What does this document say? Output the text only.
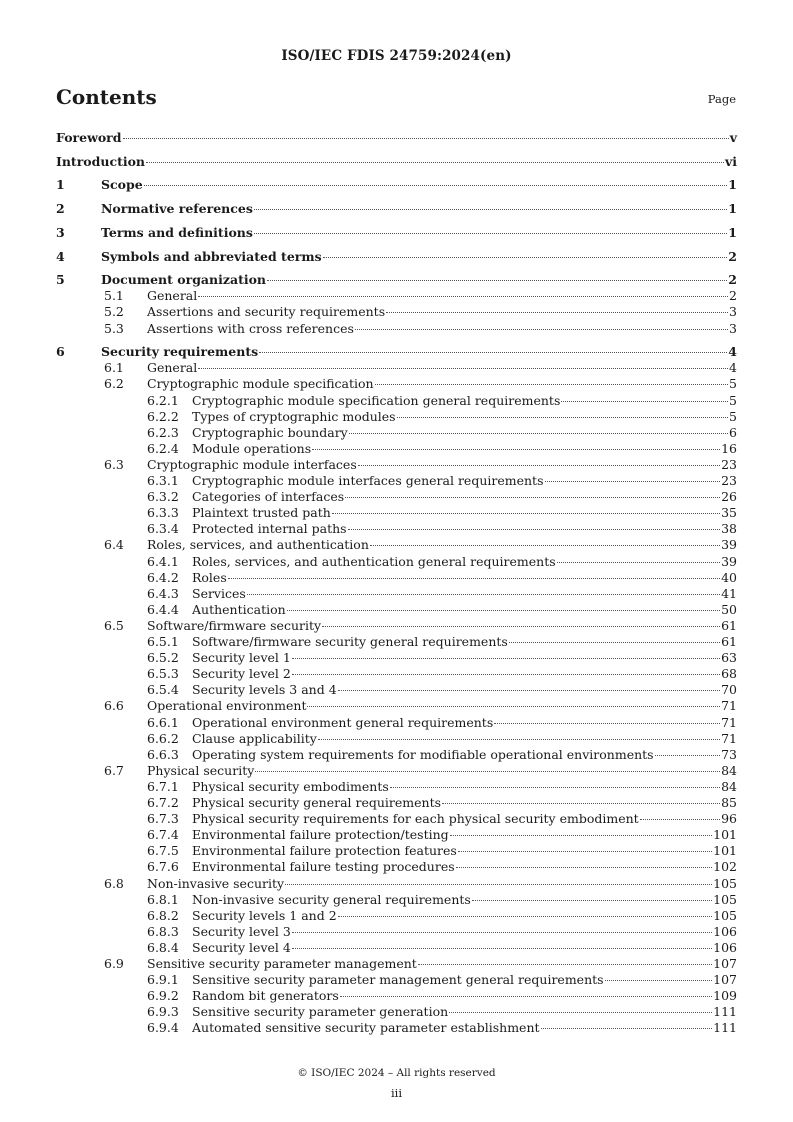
ISO/IEC FDIS 24759:2024(en)
Contents	Page
Foreword	v
Introduction	vi
1	Scope	1
2	Normative references	1
3	Terms and definitions	1
4	Symbols and abbreviated terms	2
5	Document organization	2
5.1	General	2
5.2	Assertions and security requirements	3
5.3	Assertions with cross references	3
6	Security requirements	4
6.1	General	4
6.2	Cryptographic module specification	5
6.2.1	Cryptographic module specification general requirements	5
6.2.2	Types of cryptographic modules	5
6.2.3	Cryptographic boundary	6
6.2.4	Module operations	16
6.3	Cryptographic module interfaces	23
6.3.1	Cryptographic module interfaces general requirements	23
6.3.2	Categories of interfaces	26
6.3.3	Plaintext trusted path	35
6.3.4	Protected internal paths	38
6.4	Roles, services, and authentication	39
6.4.1	Roles, services, and authentication general requirements	39
6.4.2	Roles	40
6.4.3	Services	41
6.4.4	Authentication	50
6.5	Software/firmware security	61
6.5.1	Software/firmware security general requirements	61
6.5.2	Security level 1	63
6.5.3	Security level 2	68
6.5.4	Security levels 3 and 4	70
6.6	Operational environment	71
6.6.1	Operational environment general requirements	71
6.6.2	Clause applicability	71
6.6.3	Operating system requirements for modifiable operational environments	73
6.7	Physical security	84
6.7.1	Physical security embodiments	84
6.7.2	Physical security general requirements	85
6.7.3	Physical security requirements for each physical security embodiment	96
6.7.4	Environmental failure protection/testing	101
6.7.5	Environmental failure protection features	101
6.7.6	Environmental failure testing procedures	102
6.8	Non-invasive security	105
6.8.1	Non-invasive security general requirements	105
6.8.2	Security levels 1 and 2	105
6.8.3	Security level 3	106
6.8.4	Security level 4	106
6.9	Sensitive security parameter management	107
6.9.1	Sensitive security parameter management general requirements	107
6.9.2	Random bit generators	109
6.9.3	Sensitive security parameter generation	111
6.9.4	Automated sensitive security parameter establishment	111
© ISO/IEC 2024 – All rights reserved
iii
